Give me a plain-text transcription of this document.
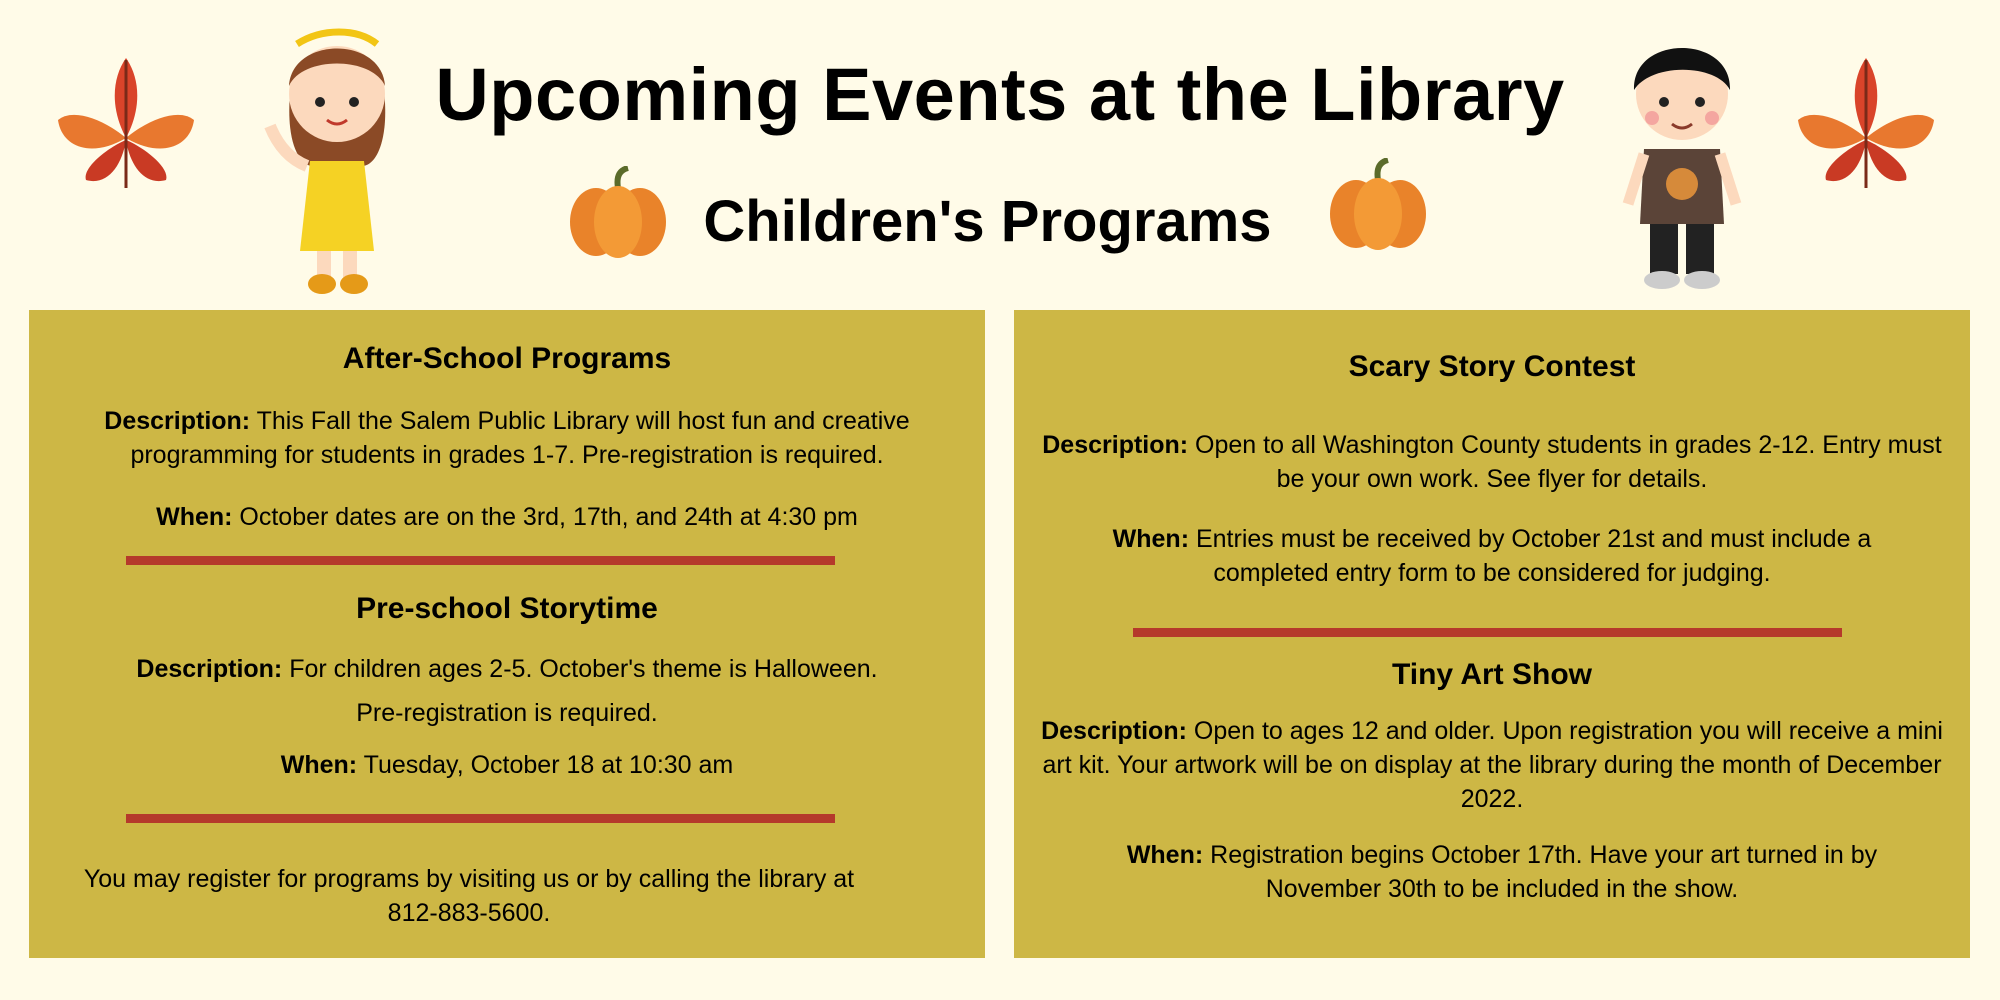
Upcoming Events at the Library
Children's Programs
After-School Programs

Description: This Fall the Salem Public Library will host fun and creative programming for students in grades 1-7. Pre-registration is required.

When: October dates are on the 3rd, 17th, and 24th at 4:30 pm

Pre-school Storytime

Description: For children ages 2-5. October's theme is Halloween.

Pre-registration is required.

When: Tuesday, October 18 at 10:30 am

You may register for programs by visiting us or by calling the library at 812-883-5600.

Scary Story Contest

Description: Open to all Washington County students in grades 2-12. Entry must be your own work. See flyer for details.

When: Entries must be received by October 21st and must include a completed entry form to be considered for judging.

Tiny Art Show

Description: Open to ages 12 and older. Upon registration you will receive a mini art kit. Your artwork will be on display at the library during the month of December 2022.

When: Registration begins October 17th. Have your art turned in by November 30th to be included in the show.
